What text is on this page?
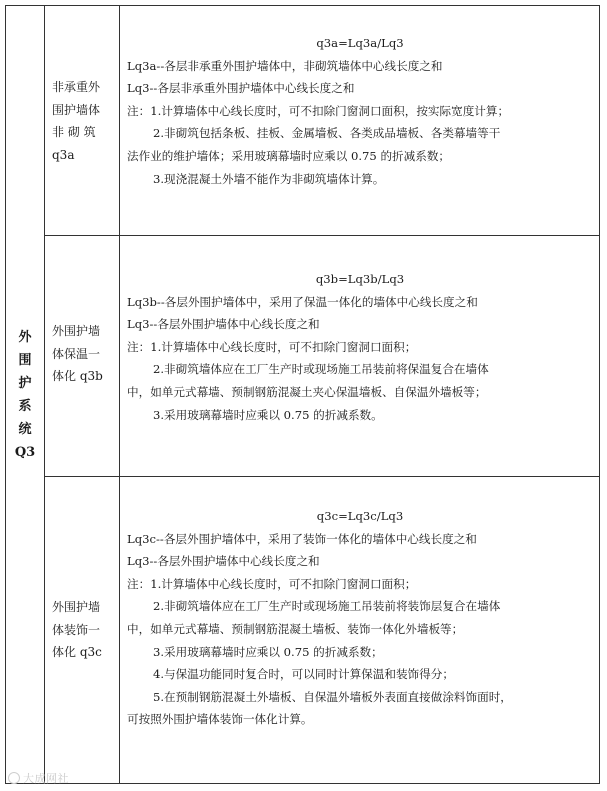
外
围
护
系
统
Q3
非承重外
围护墙体
非 砌 筑
q3a
q3a=Lq3a/Lq3
Lq3a--各层非承重外围护墙体中，非砌筑墙体中心线长度之和
Lq3--各层非承重外围护墙体中心线长度之和
注：1.计算墙体中心线长度时，可不扣除门窗洞口面积，按实际宽度计算；
2.非砌筑包括条板、挂板、金属墙板、各类成品墙板、各类幕墙等干
法作业的维护墙体；采用玻璃幕墙时应乘以 0.75 的折减系数；
3.现浇混凝土外墙不能作为非砌筑墙体计算。
外围护墙
体保温一
体化 q3b
q3b=Lq3b/Lq3
Lq3b--各层外围护墙体中，采用了保温一体化的墙体中心线长度之和
Lq3--各层外围护墙体中心线长度之和
注：1.计算墙体中心线长度时，可不扣除门窗洞口面积；
2.非砌筑墙体应在工厂生产时或现场施工吊装前将保温复合在墙体
中，如单元式幕墙、预制钢筋混凝土夹心保温墙板、自保温外墙板等；
3.采用玻璃幕墙时应乘以 0.75 的折减系数。
外围护墙
体装饰一
体化 q3c
q3c=Lq3c/Lq3
Lq3c--各层外围护墙体中，采用了装饰一体化的墙体中心线长度之和
Lq3--各层外围护墙体中心线长度之和
注：1.计算墙体中心线长度时，可不扣除门窗洞口面积；
2.非砌筑墙体应在工厂生产时或现场施工吊装前将装饰层复合在墙体
中，如单元式幕墙、预制钢筋混凝土墙板、装饰一体化外墙板等；
3.采用玻璃幕墙时应乘以 0.75 的折减系数；
4.与保温功能同时复合时，可以同时计算保温和装饰得分；
5.在预制钢筋混凝土外墙板、自保温外墙板外表面直接做涂料饰面时，
可按照外围护墙体装饰一体化计算。
大成网社
